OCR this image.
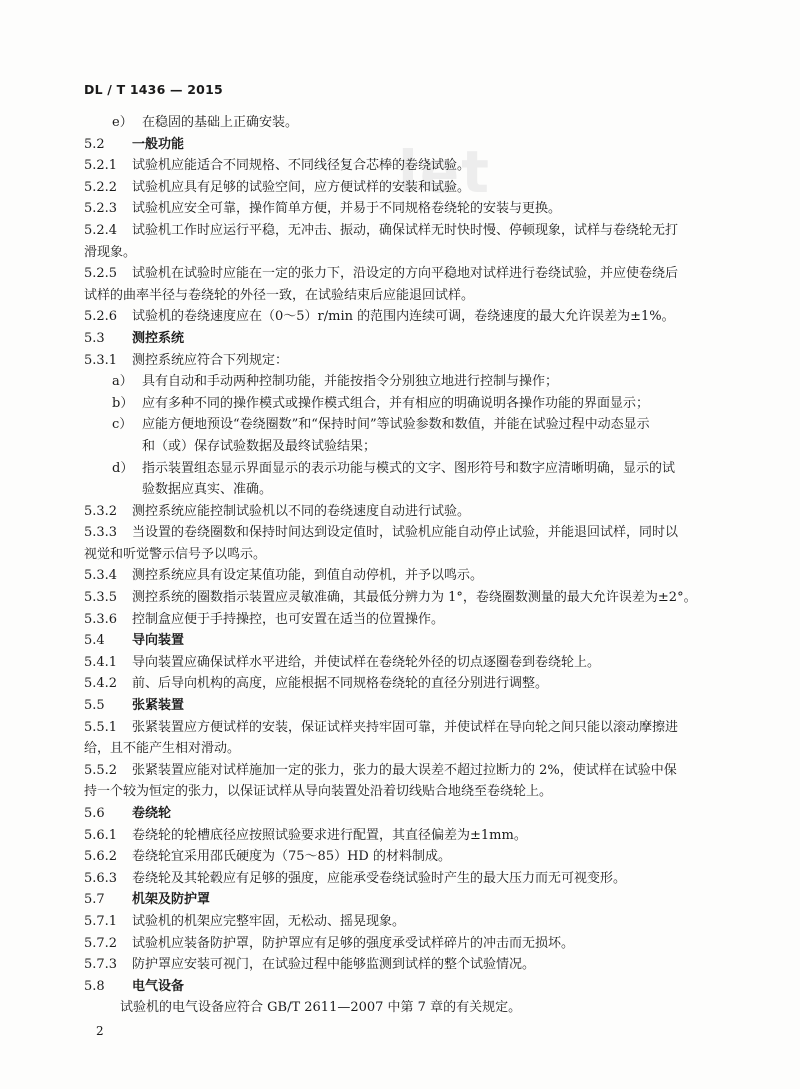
DL / T 1436 — 2015
let
e） 在稳固的基础上正确安装。
5.2 一般功能
5.2.1 试验机应能适合不同规格、不同线径复合芯棒的卷绕试验。
5.2.2 试验机应具有足够的试验空间，应方便试样的安装和试验。
5.2.3 试验机应安全可靠，操作简单方便，并易于不同规格卷绕轮的安装与更换。
5.2.4 试验机工作时应运行平稳，无冲击、振动，确保试样无时快时慢、停顿现象，试样与卷绕轮无打
滑现象。
5.2.5 试验机在试验时应能在一定的张力下，沿设定的方向平稳地对试样进行卷绕试验，并应使卷绕后
试样的曲率半径与卷绕轮的外径一致，在试验结束后应能退回试样。
5.2.6 试验机的卷绕速度应在（0～5）r/min 的范围内连续可调，卷绕速度的最大允许误差为±1%。
5.3 测控系统
5.3.1 测控系统应符合下列规定：
a） 具有自动和手动两种控制功能，并能按指令分别独立地进行控制与操作；
b） 应有多种不同的操作模式或操作模式组合，并有相应的明确说明各操作功能的界面显示；
c） 应能方便地预设“卷绕圈数”和“保持时间”等试验参数和数值，并能在试验过程中动态显示
和（或）保存试验数据及最终试验结果；
d） 指示装置组态显示界面显示的表示功能与模式的文字、图形符号和数字应清晰明确，显示的试
验数据应真实、准确。
5.3.2 测控系统应能控制试验机以不同的卷绕速度自动进行试验。
5.3.3 当设置的卷绕圈数和保持时间达到设定值时，试验机应能自动停止试验，并能退回试样，同时以
视觉和听觉警示信号予以鸣示。
5.3.4 测控系统应具有设定某值功能，到值自动停机，并予以鸣示。
5.3.5 测控系统的圈数指示装置应灵敏准确，其最低分辨力为 1°，卷绕圈数测量的最大允许误差为±2°。
5.3.6 控制盒应便于手持操控，也可安置在适当的位置操作。
5.4 导向装置
5.4.1 导向装置应确保试样水平进给，并使试样在卷绕轮外径的切点逐圈卷到卷绕轮上。
5.4.2 前、后导向机构的高度，应能根据不同规格卷绕轮的直径分别进行调整。
5.5 张紧装置
5.5.1 张紧装置应方便试样的安装，保证试样夹持牢固可靠，并使试样在导向轮之间只能以滚动摩擦进
给，且不能产生相对滑动。
5.5.2 张紧装置应能对试样施加一定的张力，张力的最大误差不超过拉断力的 2%，使试样在试验中保
持一个较为恒定的张力，以保证试样从导向装置处沿着切线贴合地绕至卷绕轮上。
5.6 卷绕轮
5.6.1 卷绕轮的轮槽底径应按照试验要求进行配置，其直径偏差为±1mm。
5.6.2 卷绕轮宜采用邵氏硬度为（75～85）HD 的材料制成。
5.6.3 卷绕轮及其轮毂应有足够的强度，应能承受卷绕试验时产生的最大压力而无可视变形。
5.7 机架及防护罩
5.7.1 试验机的机架应完整牢固，无松动、摇晃现象。
5.7.2 试验机应装备防护罩，防护罩应有足够的强度承受试样碎片的冲击而无损坏。
5.7.3 防护罩应安装可视门，在试验过程中能够监测到试样的整个试验情况。
5.8 电气设备
试验机的电气设备应符合 GB/T 2611—2007 中第 7 章的有关规定。
2
